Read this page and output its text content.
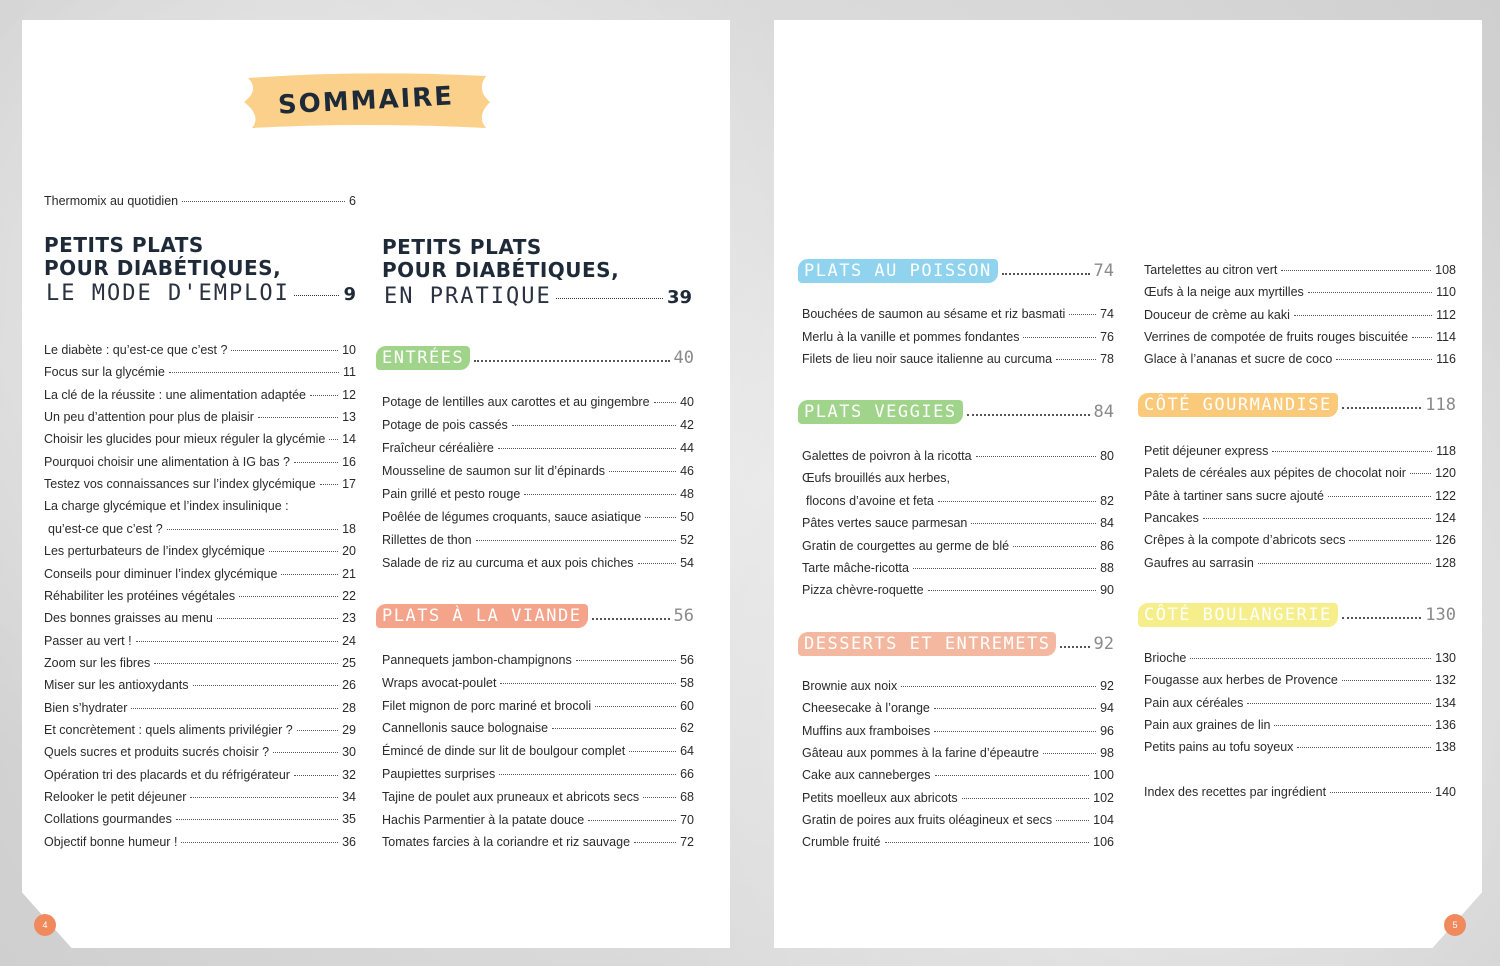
SOMMAIRE
Thermomix au quotidien	6
PETITS PLATS
POUR DIABÉTIQUES,
LE MODE D'EMPLOI	9
PETITS PLATS
POUR DIABÉTIQUES,
EN PRATIQUE	39
Le diabète : qu’est-ce que c’est ?	10
Focus sur la glycémie	11
La clé de la réussite : une alimentation adaptée	12
Un peu d’attention pour plus de plaisir	13
Choisir les glucides pour mieux réguler la glycémie 14
Pourquoi choisir une alimentation à IG bas ?	16
Testez vos connaissances sur l’index glycémique 17
La charge glycémique et l’index insulinique :
qu’est-ce que c’est ?	18
Les perturbateurs de l’index glycémique	20
Conseils pour diminuer l’index glycémique	21
Réhabiliter les protéines végétales	22
Des bonnes graisses au menu	23
Passer au vert !	24
Zoom sur les fibres	25
Miser sur les antioxydants	26
Bien s’hydrater	28
Et concrètement : quels aliments privilégier ?	29
Quels sucres et produits sucrés choisir ?	30
Opération tri des placards et du réfrigérateur	32
Relooker le petit déjeuner	34
Collations gourmandes	35
Objectif bonne humeur !	36
ENTRÉES	40
Potage de lentilles aux carottes et au gingembre 40
Potage de pois cassés	42
Fraîcheur céréalière	44
Mousseline de saumon sur lit d’épinards	46
Pain grillé et pesto rouge	48
Poêlée de légumes croquants, sauce asiatique	50
Rillettes de thon	52
Salade de riz au curcuma et aux pois chiches	54
PLATS À LA VIANDE	56
Pannequets jambon-champignons	56
Wraps avocat-poulet	58
Filet mignon de porc mariné et brocoli	60
Cannellonis sauce bolognaise	62
Émincé de dinde sur lit de boulgour complet	64
Paupiettes surprises	66
Tajine de poulet aux pruneaux et abricots secs	68
Hachis Parmentier à la patate douce	70
Tomates farcies à la coriandre et riz sauvage	72
PLATS AU POISSON	74
Bouchées de saumon au sésame et riz basmati	74
Merlu à la vanille et pommes fondantes	76
Filets de lieu noir sauce italienne au curcuma	78
PLATS VEGGIES	84
Galettes de poivron à la ricotta	80
Œufs brouillés aux herbes,
flocons d’avoine et feta	82
Pâtes vertes sauce parmesan	84
Gratin de courgettes au germe de blé	86
Tarte mâche-ricotta	88
Pizza chèvre-roquette	90
DESSERTS ET ENTREMETS	92
Brownie aux noix	92
Cheesecake à l’orange	94
Muffins aux framboises	96
Gâteau aux pommes à la farine d’épeautre	98
Cake aux canneberges	100
Petits moelleux aux abricots	102
Gratin de poires aux fruits oléagineux et secs	104
Crumble fruité	106
Tartelettes au citron vert	108
Œufs à la neige aux myrtilles	110
Douceur de crème au kaki	112
Verrines de compotée de fruits rouges biscuitée 114
Glace à l’ananas et sucre de coco	116
CÔTÉ GOURMANDISE	118
Petit déjeuner express	118
Palets de céréales aux pépites de chocolat noir 120
Pâte à tartiner sans sucre ajouté	122
Pancakes	124
Crêpes à la compote d’abricots secs	126
Gaufres au sarrasin	128
CÔTÉ BOULANGERIE	130
Brioche	130
Fougasse aux herbes de Provence	132
Pain aux céréales	134
Pain aux graines de lin	136
Petits pains au tofu soyeux	138
Index des recettes par ingrédient	140
4	5
